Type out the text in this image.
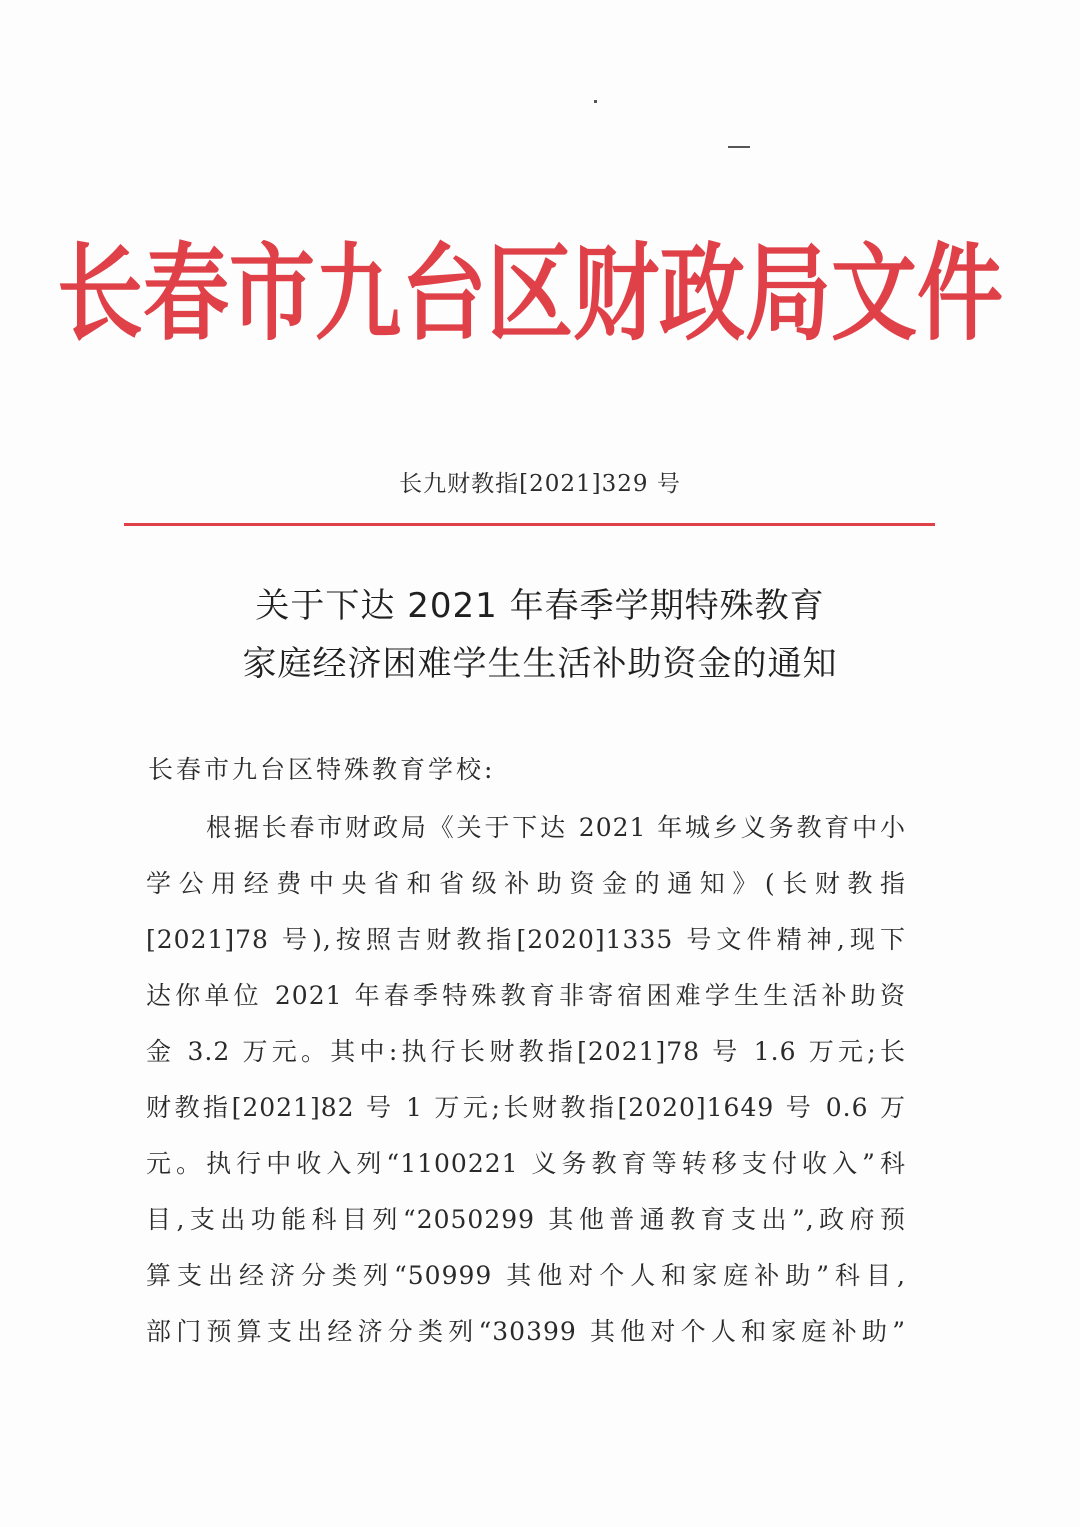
长春市九台区财政局文件
长九财教指[2021]329 号
关于下达 2021 年春季学期特殊教育
家庭经济困难学生生活补助资金的通知
长春市九台区特殊教育学校:
根据长春市财政局《关于下达 2021 年城乡义务教育中小
学公用经费中央省和省级补助资金的通知》(长财教指
[2021]78 号),按照吉财教指[2020]1335 号文件精神,现下
达你单位 2021 年春季特殊教育非寄宿困难学生生活补助资
金 3.2 万元。其中:执行长财教指[2021]78 号 1.6 万元;长
财教指[2021]82 号 1 万元;长财教指[2020]1649 号 0.6 万
元。执行中收入列“1100221 义务教育等转移支付收入”科
目,支出功能科目列“2050299 其他普通教育支出”,政府预
算支出经济分类列“50999 其他对个人和家庭补助”科目,
部门预算支出经济分类列“30399 其他对个人和家庭补助”
